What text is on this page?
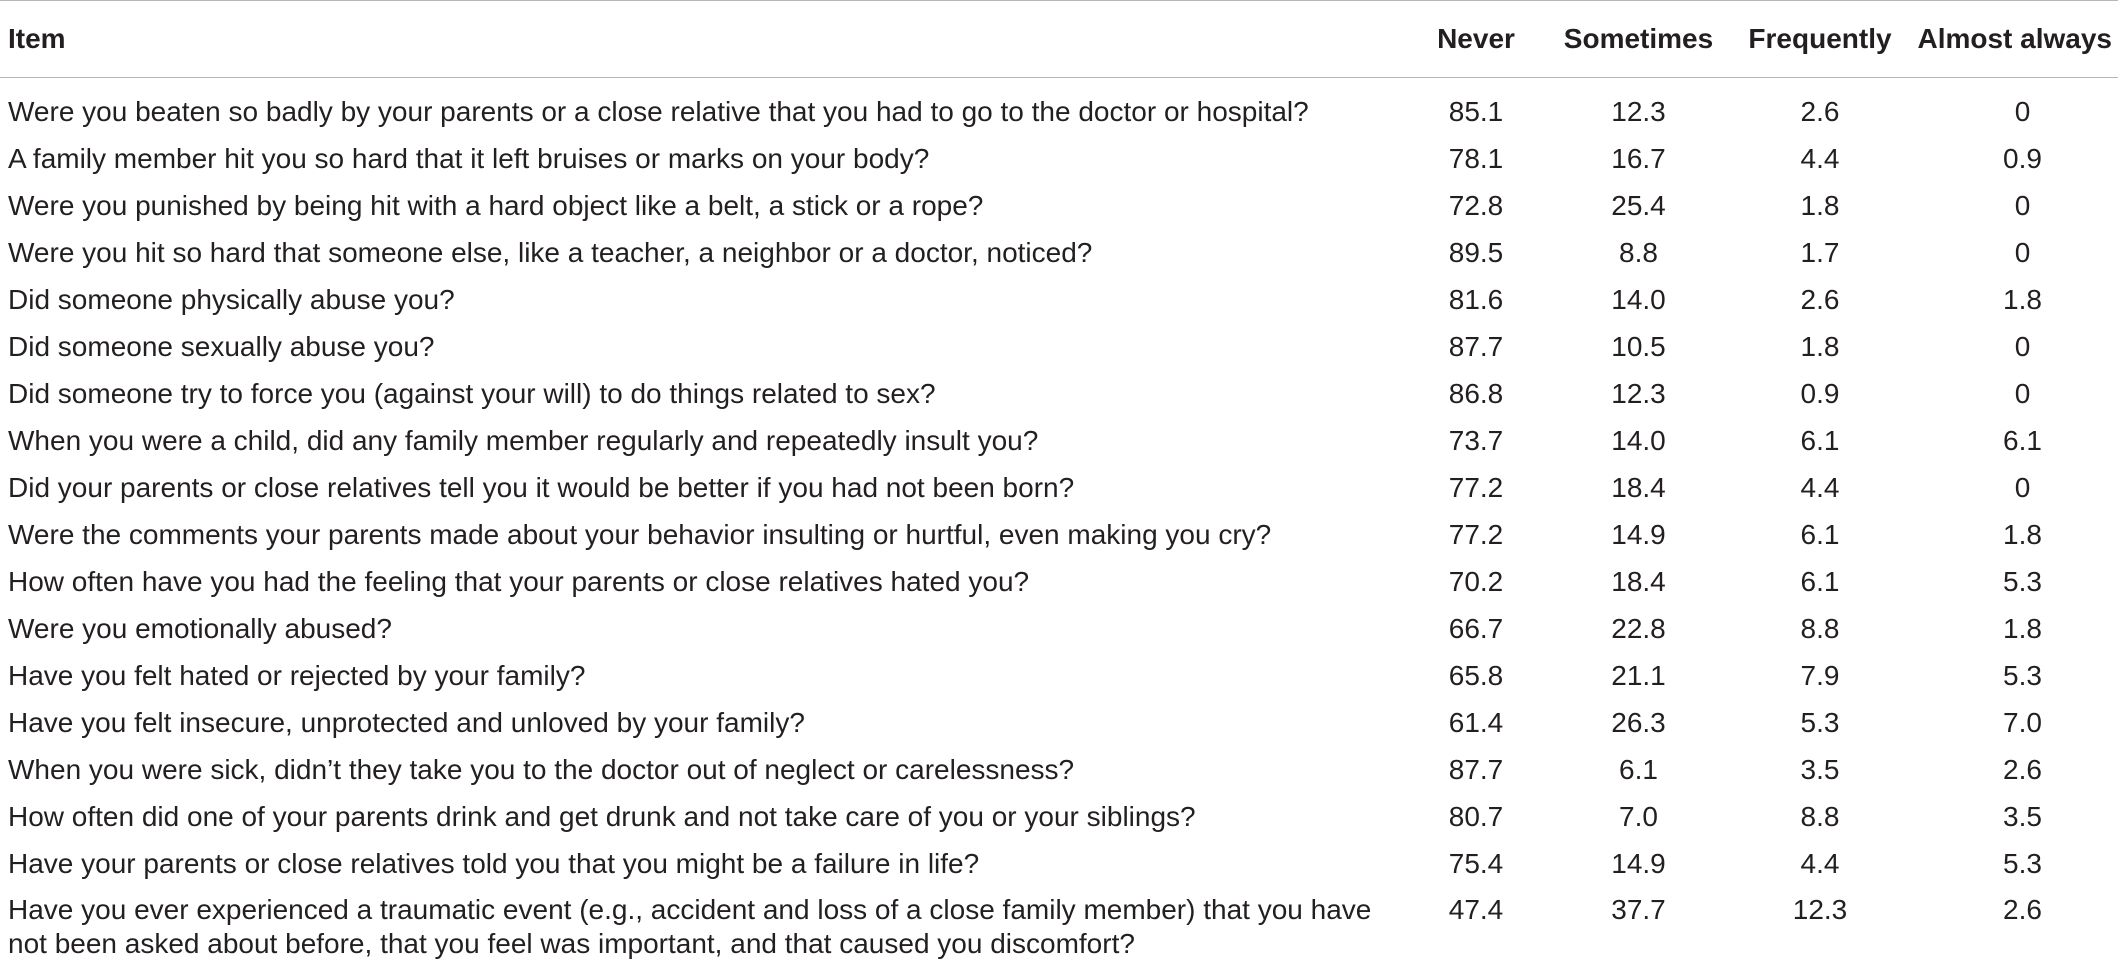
Item	Never	Sometimes	Frequently	Almost always
Were you beaten so badly by your parents or a close relative that you had to go to the doctor or hospital?	85.1	12.3	2.6	0
A family member hit you so hard that it left bruises or marks on your body?	78.1	16.7	4.4	0.9
Were you punished by being hit with a hard object like a belt, a stick or a rope?	72.8	25.4	1.8	0
Were you hit so hard that someone else, like a teacher, a neighbor or a doctor, noticed?	89.5	8.8	1.7	0
Did someone physically abuse you?	81.6	14.0	2.6	1.8
Did someone sexually abuse you?	87.7	10.5	1.8	0
Did someone try to force you (against your will) to do things related to sex?	86.8	12.3	0.9	0
When you were a child, did any family member regularly and repeatedly insult you?	73.7	14.0	6.1	6.1
Did your parents or close relatives tell you it would be better if you had not been born?	77.2	18.4	4.4	0
Were the comments your parents made about your behavior insulting or hurtful, even making you cry?	77.2	14.9	6.1	1.8
How often have you had the feeling that your parents or close relatives hated you?	70.2	18.4	6.1	5.3
Were you emotionally abused?	66.7	22.8	8.8	1.8
Have you felt hated or rejected by your family?	65.8	21.1	7.9	5.3
Have you felt insecure, unprotected and unloved by your family?	61.4	26.3	5.3	7.0
When you were sick, didn’t they take you to the doctor out of neglect or carelessness?	87.7	6.1	3.5	2.6
How often did one of your parents drink and get drunk and not take care of you or your siblings?	80.7	7.0	8.8	3.5
Have your parents or close relatives told you that you might be a failure in life?	75.4	14.9	4.4	5.3
Have you ever experienced a traumatic event (e.g., accident and loss of a close family member) that you have not been asked about before, that you feel was important, and that caused you discomfort?	47.4	37.7	12.3	2.6
